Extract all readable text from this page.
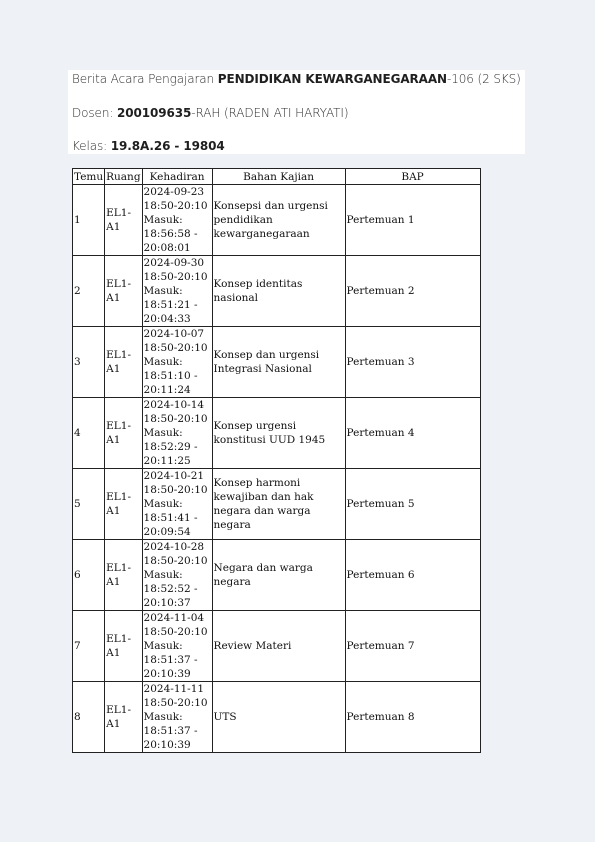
Berita Acara Pengajaran PENDIDIKAN KEWARGANEGARAAN-106 (2 SKS)
Dosen: 200109635-RAH (RADEN ATI HARYATI)
Kelas: 19.8A.26 - 19804
Temu	Ruang	Kehadiran	Bahan Kajian	BAP
1	EL1-A1	2024-09-23
18:50-20:10
Masuk:
18:56:58 - 20:08:01	Konsepsi dan urgensi pendidikan kewarganegaraan	Pertemuan 1
2	EL1-A1	2024-09-30
18:50-20:10
Masuk:
18:51:21 - 20:04:33	Konsep identitas nasional	Pertemuan 2
3	EL1-A1	2024-10-07
18:50-20:10
Masuk:
18:51:10 - 20:11:24	Konsep dan urgensi Integrasi Nasional	Pertemuan 3
4	EL1-A1	2024-10-14
18:50-20:10
Masuk:
18:52:29 - 20:11:25	Konsep urgensi konstitusi UUD 1945	Pertemuan 4
5	EL1-A1	2024-10-21
18:50-20:10
Masuk:
18:51:41 - 20:09:54	Konsep harmoni kewajiban dan hak negara dan warga negara	Pertemuan 5
6	EL1-A1	2024-10-28
18:50-20:10
Masuk:
18:52:52 - 20:10:37	Negara dan warga negara	Pertemuan 6
7	EL1-A1	2024-11-04
18:50-20:10
Masuk:
18:51:37 - 20:10:39	Review Materi	Pertemuan 7
8	EL1-A1	2024-11-11
18:50-20:10
Masuk:
18:51:37 - 20:10:39	UTS	Pertemuan 8
